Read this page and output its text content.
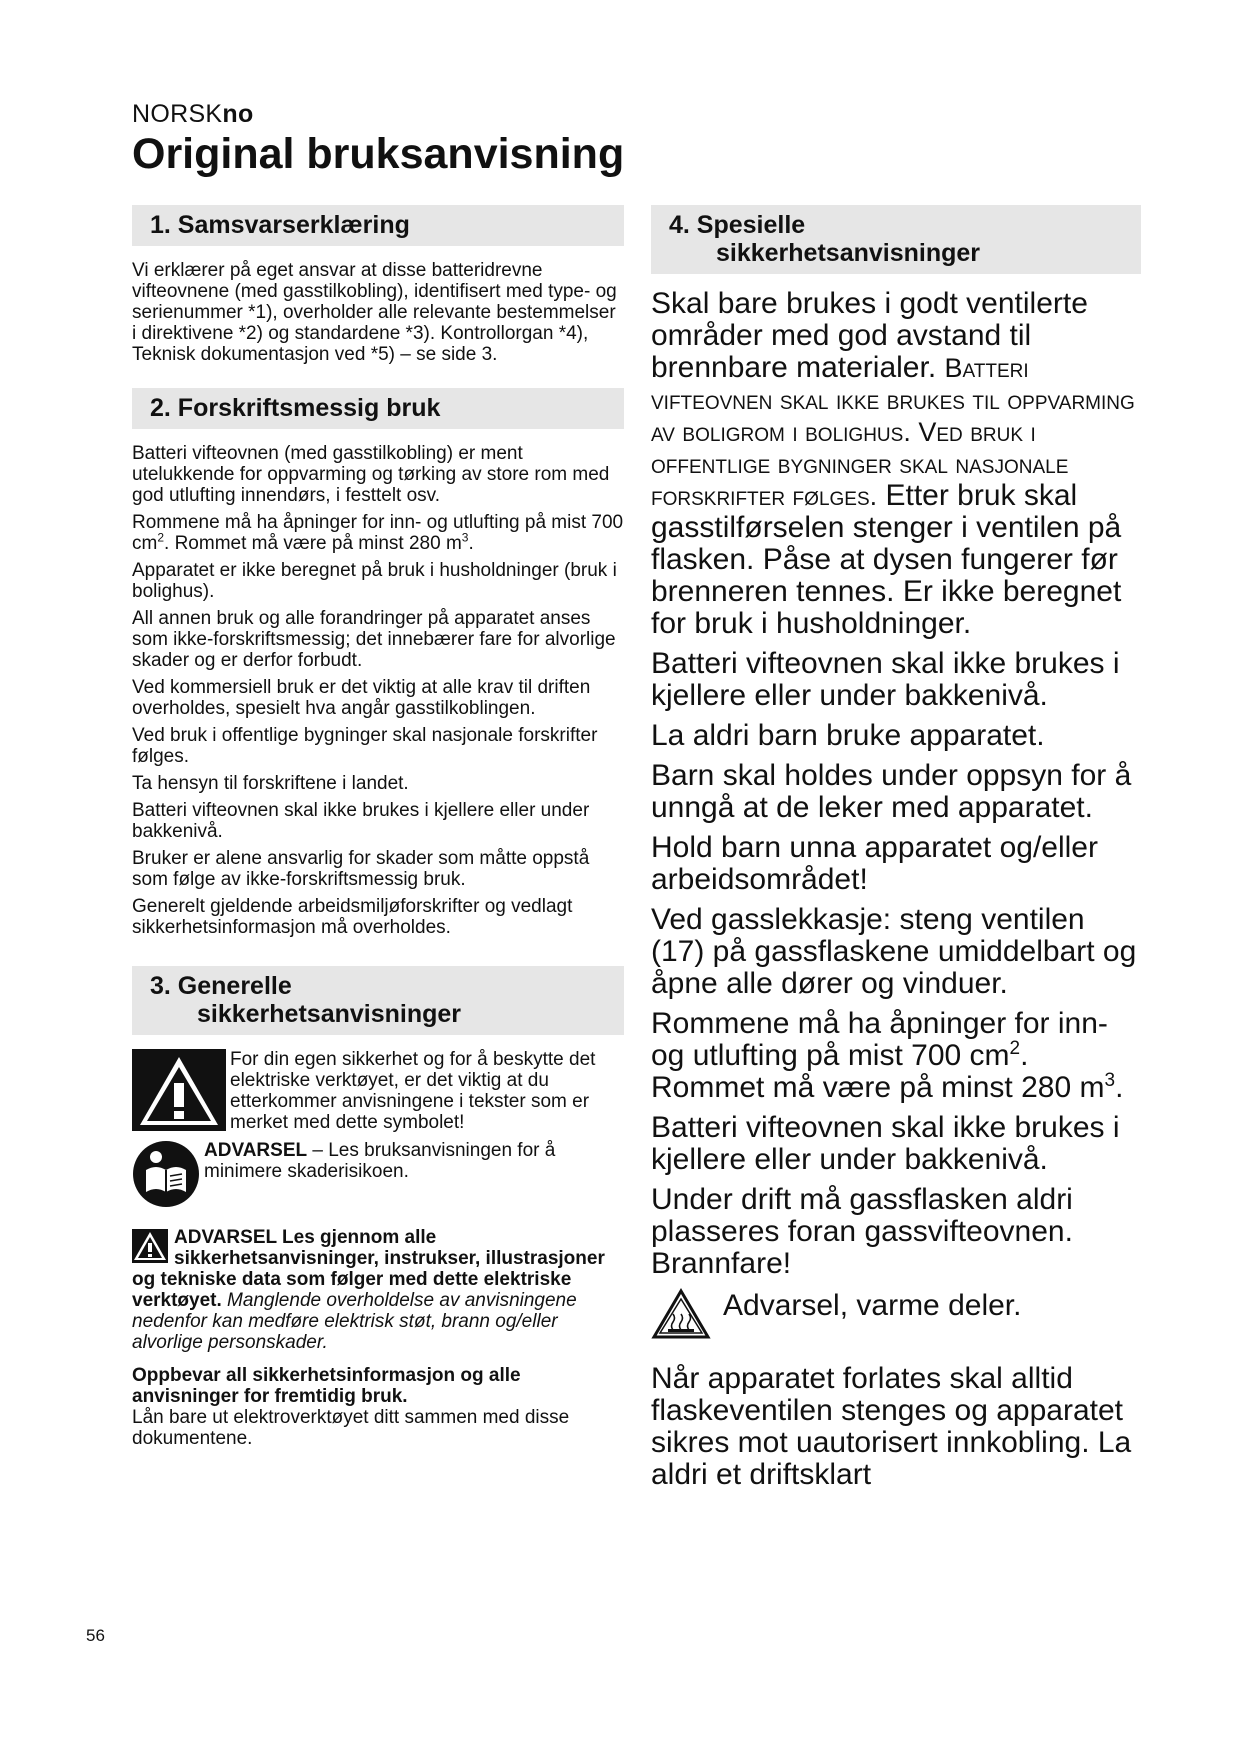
NORSKno
Original bruksanvisning
1. Samsvarserklæring

Vi erklærer på eget ansvar at disse batteridrevne vifteovnene (med gasstilkobling), identifisert med type- og serienummer *1), overholder alle relevante bestemmelser i direktivene *2) og standardene *3). Kontrollorgan *4), Teknisk dokumentasjon ved *5) – se side 3.

2. Forskriftsmessig bruk

Batteri vifteovnen (med gasstilkobling) er ment utelukkende for oppvarming og tørking av store rom med god utlufting innendørs, i festtelt osv.

Rommene må ha åpninger for inn- og utlufting på mist 700 $cm^2$. Rommet må være på minst 280 $m^3$.

Apparatet er ikke beregnet på bruk i husholdninger (bruk i bolighus).

All annen bruk og alle forandringer på apparatet anses som ikke-forskriftsmessig; det innebærer fare for alvorlige skader og er derfor forbudt.

Ved kommersiell bruk er det viktig at alle krav til driften overholdes, spesielt hva angår gasstilkoblingen.

Ved bruk i offentlige bygninger skal nasjonale forskrifter følges.

Ta hensyn til forskriftene i landet.

Batteri vifteovnen skal ikke brukes i kjellere eller under bakkenivå.

Bruker er alene ansvarlig for skader som måtte oppstå som følge av ikke-forskriftsmessig bruk.

Generelt gjeldende arbeidsmiljøforskrifter og vedlagt sikkerhetsinformasjon må overholdes.

3. Generelle
sikkerhetsanvisninger
For din egen sikkerhet og for å beskytte det elektriske verktøyet, er det viktig at du etterkommer anvisningene i tekster som er merket med dette symbolet!
ADVARSEL – Les bruksanvisningen for å minimere skaderisikoen.
ADVARSEL Les gjennom alle sikkerhetsanvisninger, instrukser, illustrasjoner og tekniske data som følger med dette elektriske verktøyet. Manglende overholdelse av anvisningene nedenfor kan medføre elektrisk støt, brann og/eller alvorlige personskader.
Oppbevar all sikkerhetsinformasjon og alle anvisninger for fremtidig bruk.
Lån bare ut elektroverktøyet ditt sammen med disse dokumentene.
4. Spesielle
sikkerhetsanvisninger

Skal bare brukes i godt ventilerte områder med god avstand til brennbare materialer. Batteri vifteovnen skal ikke brukes til oppvarming av boligrom i bolighus. Ved bruk i offentlige bygninger skal nasjonale forskrifter følges. Etter bruk skal gasstilførselen stenger i ventilen på flasken. Påse at dysen fungerer før brenneren tennes. Er ikke beregnet for bruk i husholdninger.

Batteri vifteovnen skal ikke brukes i kjellere eller under bakkenivå.

La aldri barn bruke apparatet.

Barn skal holdes under oppsyn for å unngå at de leker med apparatet.

Hold barn unna apparatet og/eller arbeidsområdet!

Ved gasslekkasje: steng ventilen (17) på gassflaskene umiddelbart og åpne alle dører og vinduer.

Rommene må ha åpninger for inn- og utlufting på mist 700 $cm^2$. Rommet må være på minst 280 $m^3$.

Batteri vifteovnen skal ikke brukes i kjellere eller under bakkenivå.

Under drift må gassflasken aldri plasseres foran gassvifteovnen. Brannfare!

Advarsel, varme deler.

Når apparatet forlates skal alltid flaskeventilen stenges og apparatet sikres mot uautorisert innkobling. La aldri et driftsklart

56
